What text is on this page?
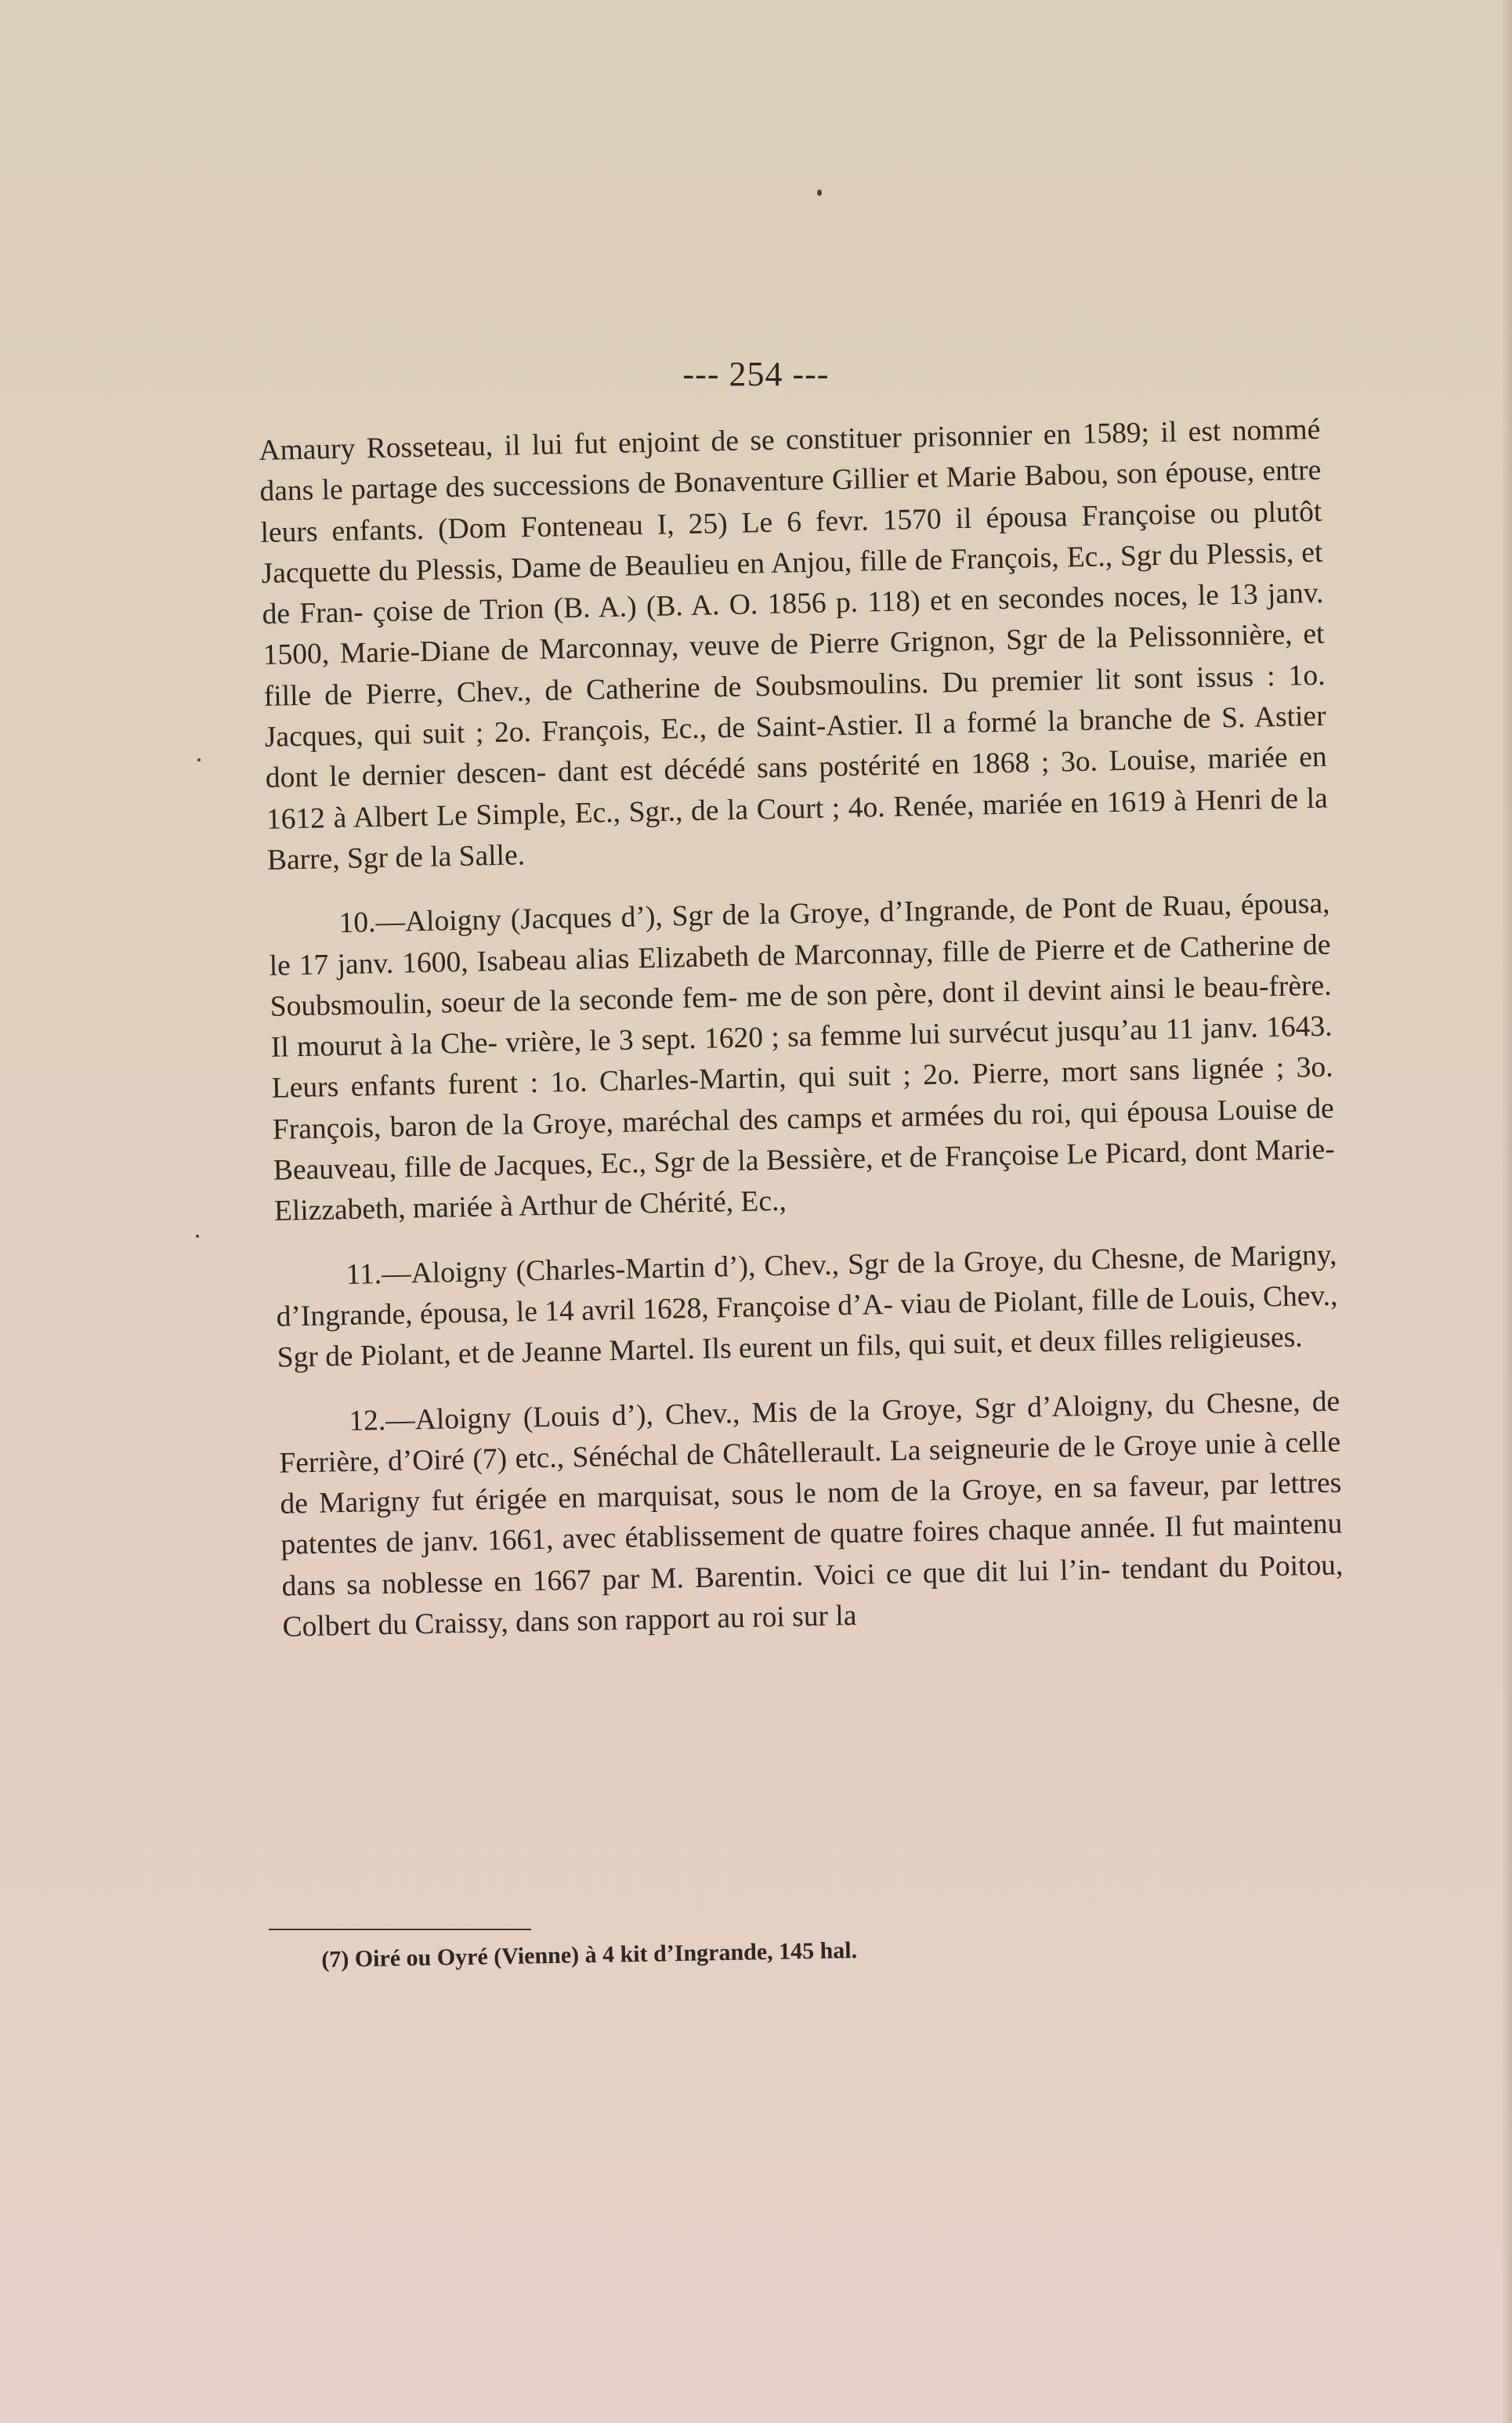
--- 254 ---

Amaury Rosseteau, il lui fut enjoint de se constituer prisonnier en 1589; il est nommé dans le partage des successions de Bonaventure Gillier et Marie Babou, son épouse, entre leurs enfants. (Dom Fonteneau I, 25) Le 6 fevr. 1570 il épousa Françoise ou plutôt Jacquette du Plessis, Dame de Beaulieu en Anjou, fille de François, Ec., Sgr du Plessis, et de Fran- çoise de Trion (B. A.) (B. A. O. 1856 p. 118) et en secondes noces, le 13 janv. 1500, Marie-Diane de Marconnay, veuve de Pierre Grignon, Sgr de la Pelissonnière, et fille de Pierre, Chev., de Catherine de Soubsmoulins. Du premier lit sont issus : 1o. Jacques, qui suit ; 2o. François, Ec., de Saint-Astier. Il a formé la branche de S. Astier dont le dernier descen- dant est décédé sans postérité en 1868 ; 3o. Louise, mariée en 1612 à Albert Le Simple, Ec., Sgr., de la Court ; 4o. Renée, mariée en 1619 à Henri de la Barre, Sgr de la Salle.

10.—Aloigny (Jacques d’), Sgr de la Groye, d’Ingrande, de Pont de Ruau, épousa, le 17 janv. 1600, Isabeau alias Elizabeth de Marconnay, fille de Pierre et de Catherine de Soubsmoulin, soeur de la seconde fem- me de son père, dont il devint ainsi le beau-frère. Il mourut à la Che- vrière, le 3 sept. 1620 ; sa femme lui survécut jusqu’au 11 janv. 1643. Leurs enfants furent : 1o. Charles-Martin, qui suit ; 2o. Pierre, mort sans lignée ; 3o. François, baron de la Groye, maréchal des camps et armées du roi, qui épousa Louise de Beauveau, fille de Jacques, Ec., Sgr de la Bessière, et de Françoise Le Picard, dont Marie-Elizzabeth, mariée à Arthur de Chérité, Ec.,

11.—Aloigny (Charles-Martin d’), Chev., Sgr de la Groye, du Chesne, de Marigny, d’Ingrande, épousa, le 14 avril 1628, Françoise d’A- viau de Piolant, fille de Louis, Chev., Sgr de Piolant, et de Jeanne Martel. Ils eurent un fils, qui suit, et deux filles religieuses.

12.—Aloigny (Louis d’), Chev., Mis de la Groye, Sgr d’Aloigny, du Chesne, de Ferrière, d’Oiré (7) etc., Sénéchal de Châtellerault. La seigneurie de le Groye unie à celle de Marigny fut érigée en marquisat, sous le nom de la Groye, en sa faveur, par lettres patentes de janv. 1661, avec établissement de quatre foires chaque année. Il fut maintenu dans sa noblesse en 1667 par M. Barentin. Voici ce que dit lui l’in- tendant du Poitou, Colbert du Craissy, dans son rapport au roi sur la

(7) Oiré ou Oyré (Vienne) à 4 kit d’Ingrande, 145 hal.
